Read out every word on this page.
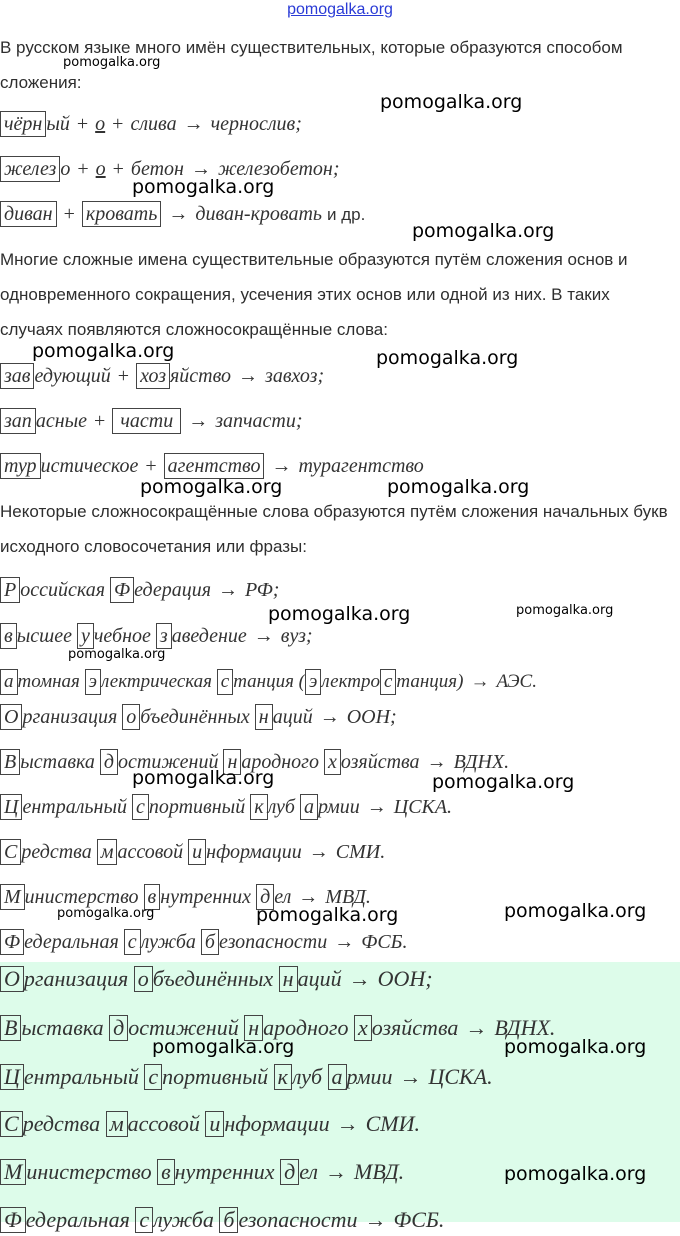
pomogalka.org
В русском языке много имён существительных, которые образуются способом сложения:
чёрн ый + о + слива → чернослив;
желез о + о + бетон → железобетон;
диван + кровать → диван-кровать и др.
Многие сложные имена существительные образуются путём сложения основ и одновременного сокращения, усечения этих основ или одной из них. В таких случаях появляются сложносокращённые слова:
зав едующий + хоз яйство → завхоз;
зап асные + части → запчасти;
тур истическое + агентство → турагентство
Некоторые сложносокращённые слова образуются путём сложения начальных букв исходного словосочетания или фразы:
Р оссийская Ф едерация → РФ;
в ысшее у чебное з аведение → вуз;
а томная э лектрическая с танция ( э лектро с танция) → АЭС.
О рганизация о бъединённых н аций → ООН;
В ыставка д остижений н ародного х озяйства → ВДНХ.
Ц ентральный с портивный к луб а рмии → ЦСКА.
С редства м ассовой и нформации → СМИ.
М инистерство в нутренних д ел → МВД.
Ф едеральная с лужба б езопасности → ФСБ.
О рганизация о бъединённых н аций → ООН;
В ыставка д остижений н ародного х озяйства → ВДНХ.
Ц ентральный с портивный к луб а рмии → ЦСКА.
С редства м ассовой и нформации → СМИ.
М инистерство в нутренних д ел → МВД.
Ф едеральная с лужба б езопасности → ФСБ.
pomogalka.org
pomogalka.org
pomogalka.org
pomogalka.org
pomogalka.org	pomogalka.org
pomogalka.org	pomogalka.org
pomogalka.org	pomogalka.org
pomogalka.org
pomogalka.org	pomogalka.org
pomogalka.org	pomogalka.org	pomogalka.org
pomogalka.org	pomogalka.org
pomogalka.org
